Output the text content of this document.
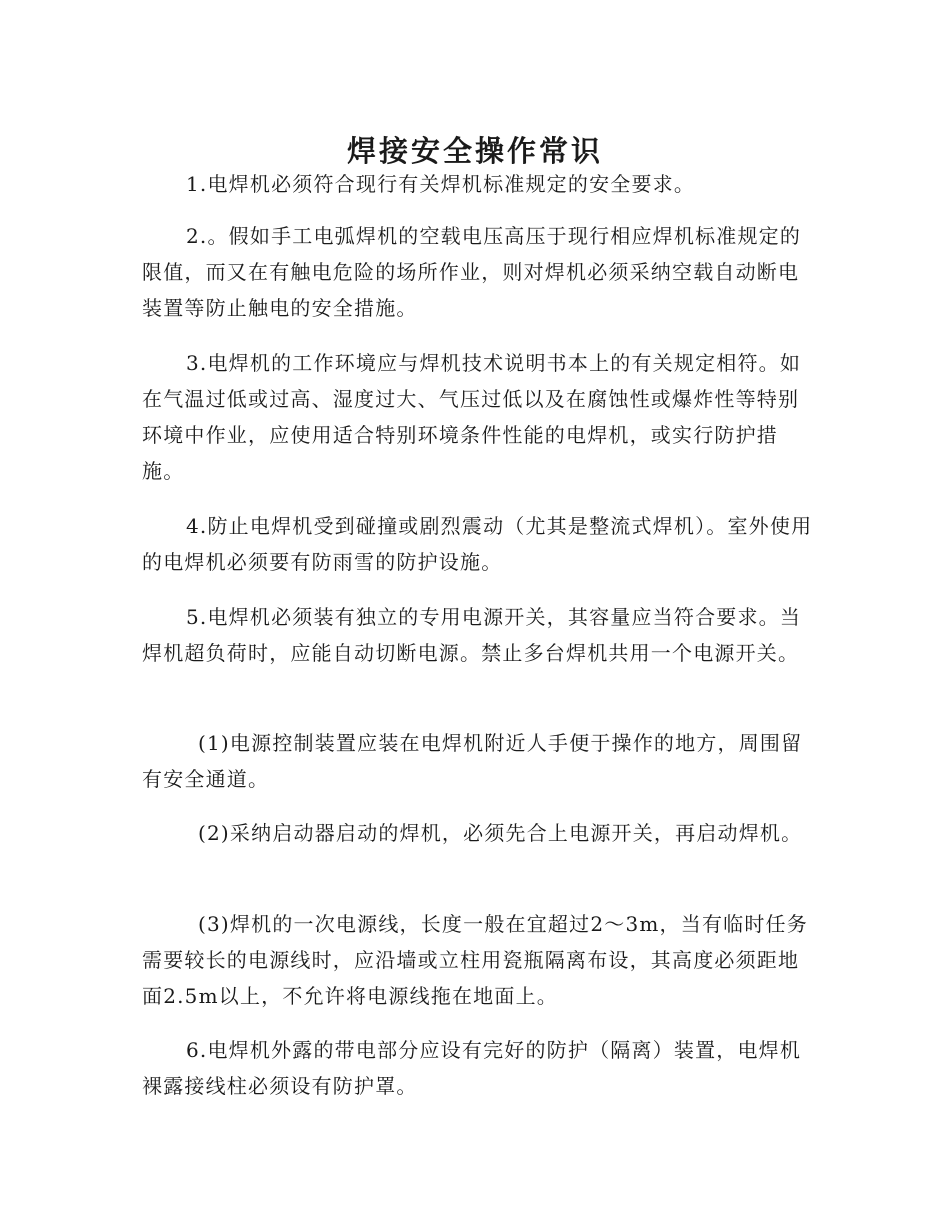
焊接安全操作常识

1.电焊机必须符合现行有关焊机标准规定的安全要求。

2.。假如手工电弧焊机的空载电压高压于现行相应焊机标准规定的限值，而又在有触电危险的场所作业，则对焊机必须采纳空载自动断电装置等防止触电的安全措施。

3.电焊机的工作环境应与焊机技术说明书本上的有关规定相符。如在气温过低或过高、湿度过大、气压过低以及在腐蚀性或爆炸性等特别环境中作业，应使用适合特别环境条件性能的电焊机，或实行防护措施。

4.防止电焊机受到碰撞或剧烈震动（尤其是整流式焊机）。室外使用的电焊机必须要有防雨雪的防护设施。

5.电焊机必须装有独立的专用电源开关，其容量应当符合要求。当焊机超负荷时，应能自动切断电源。禁止多台焊机共用一个电源开关。

(1)电源控制装置应装在电焊机附近人手便于操作的地方，周围留有安全通道。

(2)采纳启动器启动的焊机，必须先合上电源开关，再启动焊机。

(3)焊机的一次电源线，长度一般在宜超过2～3m，当有临时任务需要较长的电源线时，应沿墙或立柱用瓷瓶隔离布设，其高度必须距地面2.5m以上，不允许将电源线拖在地面上。

6.电焊机外露的带电部分应设有完好的防护（隔离）装置，电焊机裸露接线柱必须设有防护罩。
